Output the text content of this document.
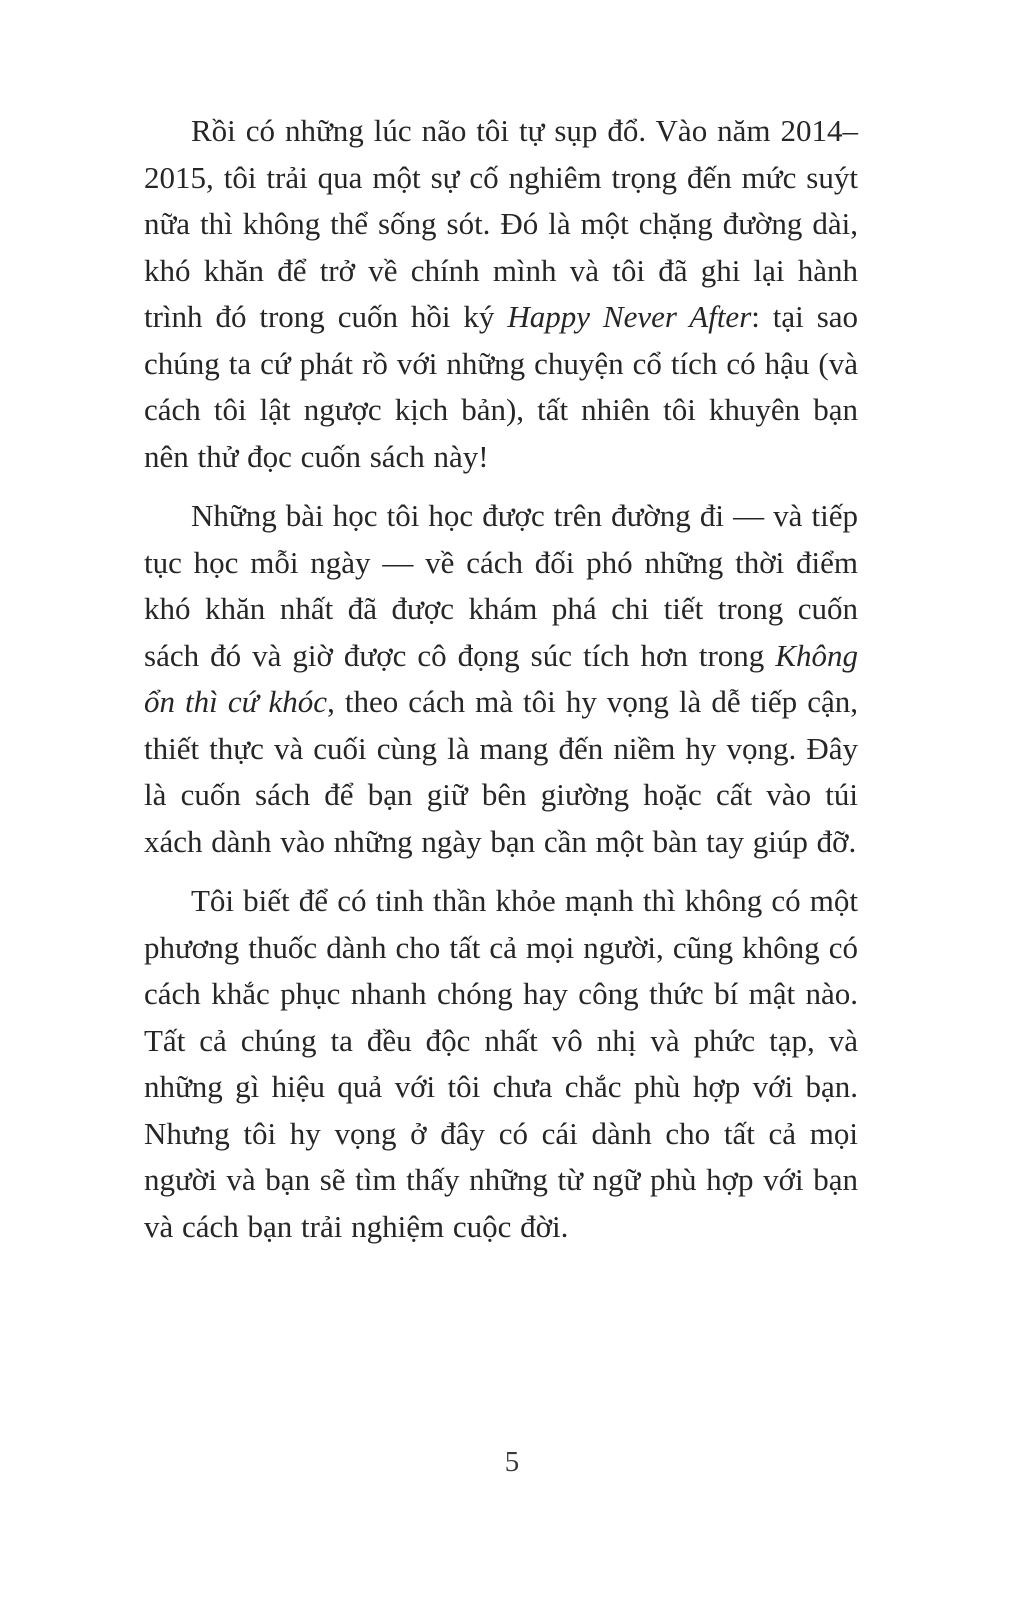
Rồi có những lúc não tôi tự sụp đổ. Vào năm 2014–2015, tôi trải qua một sự cố nghiêm trọng đến mức suýt nữa thì không thể sống sót. Đó là một chặng đường dài, khó khăn để trở về chính mình và tôi đã ghi lại hành trình đó trong cuốn hồi ký Happy Never After: tại sao chúng ta cứ phát rồ với những chuyện cổ tích có hậu (và cách tôi lật ngược kịch bản), tất nhiên tôi khuyên bạn nên thử đọc cuốn sách này!

Những bài học tôi học được trên đường đi — và tiếp tục học mỗi ngày — về cách đối phó những thời điểm khó khăn nhất đã được khám phá chi tiết trong cuốn sách đó và giờ được cô đọng súc tích hơn trong Không ổn thì cứ khóc, theo cách mà tôi hy vọng là dễ tiếp cận, thiết thực và cuối cùng là mang đến niềm hy vọng. Đây là cuốn sách để bạn giữ bên giường hoặc cất vào túi xách dành vào những ngày bạn cần một bàn tay giúp đỡ.

Tôi biết để có tinh thần khỏe mạnh thì không có một phương thuốc dành cho tất cả mọi người, cũng không có cách khắc phục nhanh chóng hay công thức bí mật nào. Tất cả chúng ta đều độc nhất vô nhị và phức tạp, và những gì hiệu quả với tôi chưa chắc phù hợp với bạn. Nhưng tôi hy vọng ở đây có cái dành cho tất cả mọi người và bạn sẽ tìm thấy những từ ngữ phù hợp với bạn và cách bạn trải nghiệm cuộc đời.

5
